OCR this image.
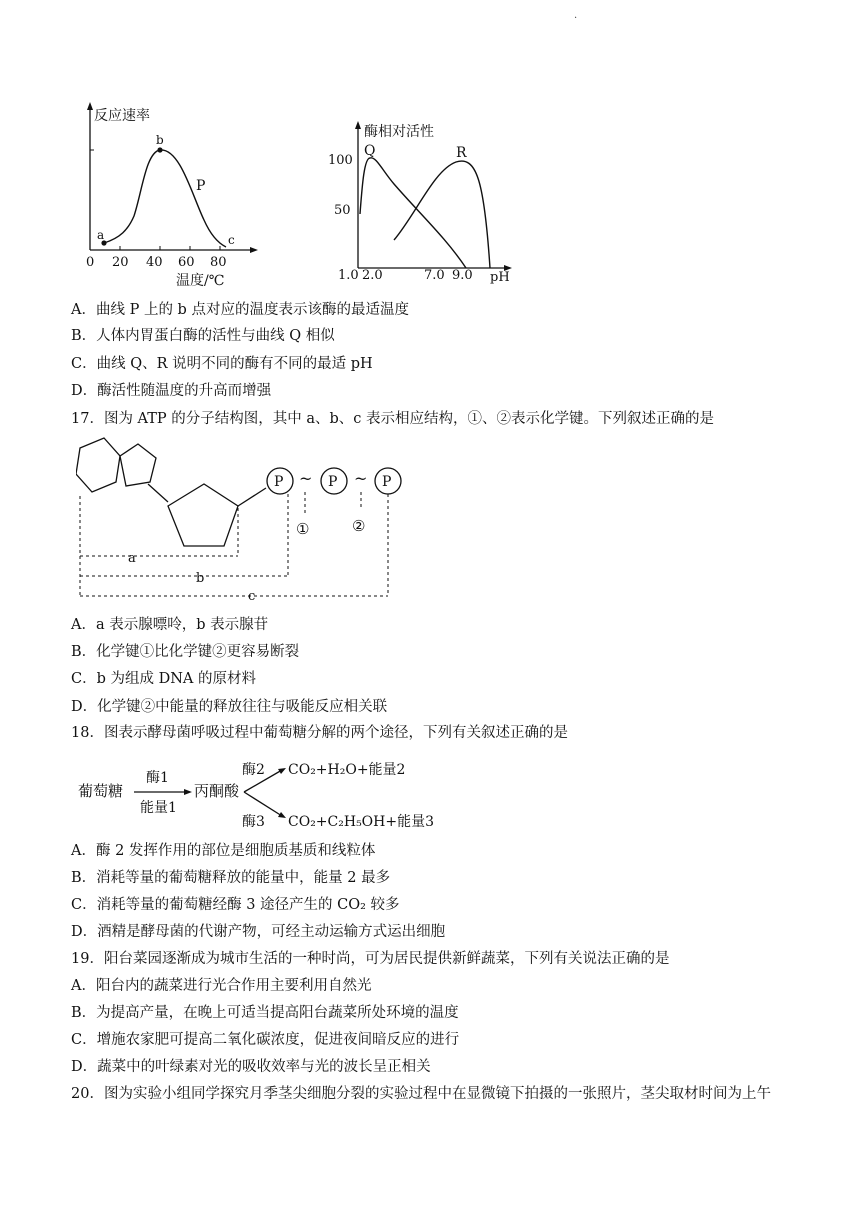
.
反应速率
0 20 40 60 80
温度/℃
a
b
c
P
酶相对活性
100
50
1.0 2.0	7.0 9.0 pH
Q	R
A．曲线 P 上的 b 点对应的温度表示该酶的最适温度
B．人体内胃蛋白酶的活性与曲线 Q 相似
C．曲线 Q、R 说明不同的酶有不同的最适 pH
D．酶活性随温度的升高而增强
17．图为 ATP 的分子结构图，其中 a、b、c 表示相应结构，①、②表示化学键。下列叙述正确的是
P	P	P
~	~
①	②
a
b
c
A．a 表示腺嘌呤，b 表示腺苷
B．化学键①比化学键②更容易断裂
C．b 为组成 DNA 的原材料
D．化学键②中能量的释放往往与吸能反应相关联
18．图表示酵母菌呼吸过程中葡萄糖分解的两个途径，下列有关叙述正确的是
葡萄糖
酶1
能量1
丙酮酸
酶2
酶3
CO₂+H₂O+能量2
CO₂+C₂H₅OH+能量3
A．酶 2 发挥作用的部位是细胞质基质和线粒体
B．消耗等量的葡萄糖释放的能量中，能量 2 最多
C．消耗等量的葡萄糖经酶 3 途径产生的 CO₂ 较多
D．酒精是酵母菌的代谢产物，可经主动运输方式运出细胞
19．阳台菜园逐渐成为城市生活的一种时尚，可为居民提供新鲜蔬菜，下列有关说法正确的是
A．阳台内的蔬菜进行光合作用主要利用自然光
B．为提高产量，在晚上可适当提高阳台蔬菜所处环境的温度
C．增施农家肥可提高二氧化碳浓度，促进夜间暗反应的进行
D．蔬菜中的叶绿素对光的吸收效率与光的波长呈正相关
20．图为实验小组同学探究月季茎尖细胞分裂的实验过程中在显微镜下拍摄的一张照片，茎尖取材时间为上午
